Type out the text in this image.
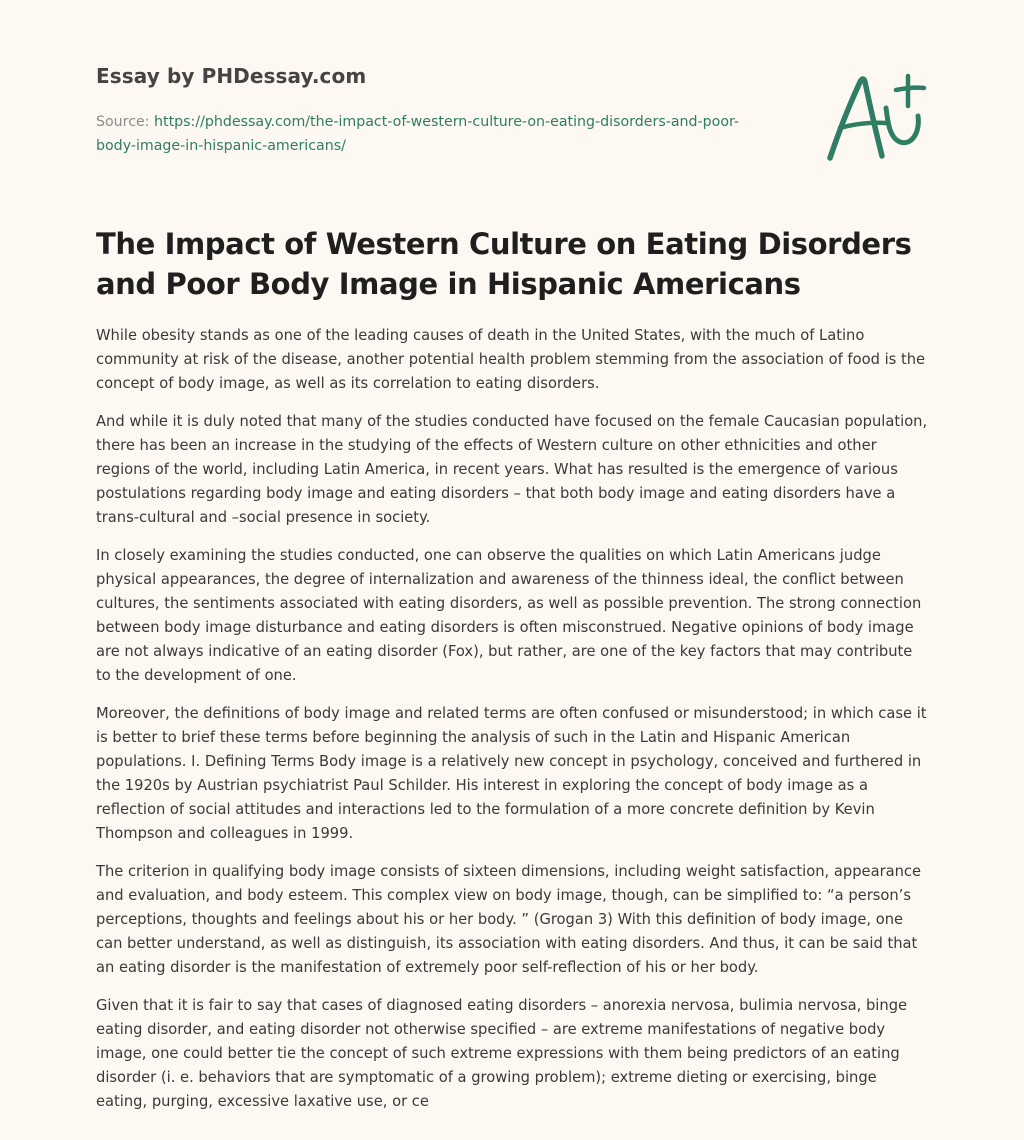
Essay by PHDessay.com
Source: https://phdessay.com/the-impact-of-western-culture-on-eating-disorders-and-poor-body-image-in-hispanic-americans/
The Impact of Western Culture on Eating Disorders and Poor Body Image in Hispanic Americans

While obesity stands as one of the leading causes of death in the United States, with the much of Latino community at risk of the disease, another potential health problem stemming from the association of food is the concept of body image, as well as its correlation to eating disorders.

And while it is duly noted that many of the studies conducted have focused on the female Caucasian population, there has been an increase in the studying of the effects of Western culture on other ethnicities and other regions of the world, including Latin America, in recent years. What has resulted is the emergence of various postulations regarding body image and eating disorders – that both body image and eating disorders have a trans-cultural and –social presence in society.

In closely examining the studies conducted, one can observe the qualities on which Latin Americans judge physical appearances, the degree of internalization and awareness of the thinness ideal, the conflict between cultures, the sentiments associated with eating disorders, as well as possible prevention. The strong connection between body image disturbance and eating disorders is often misconstrued. Negative opinions of body image are not always indicative of an eating disorder (Fox), but rather, are one of the key factors that may contribute to the development of one.

Moreover, the definitions of body image and related terms are often confused or misunderstood; in which case it is better to brief these terms before beginning the analysis of such in the Latin and Hispanic American populations. I. Defining Terms Body image is a relatively new concept in psychology, conceived and furthered in the 1920s by Austrian psychiatrist Paul Schilder. His interest in exploring the concept of body image as a reflection of social attitudes and interactions led to the formulation of a more concrete definition by Kevin Thompson and colleagues in 1999.

The criterion in qualifying body image consists of sixteen dimensions, including weight satisfaction, appearance and evaluation, and body esteem. This complex view on body image, though, can be simplified to: “a person’s perceptions, thoughts and feelings about his or her body. ” (Grogan 3) With this definition of body image, one can better understand, as well as distinguish, its association with eating disorders. And thus, it can be said that an eating disorder is the manifestation of extremely poor self-reflection of his or her body.

Given that it is fair to say that cases of diagnosed eating disorders – anorexia nervosa, bulimia nervosa, binge eating disorder, and eating disorder not otherwise specified – are extreme manifestations of negative body image, one could better tie the concept of such extreme expressions with them being predictors of an eating disorder (i. e. behaviors that are symptomatic of a growing problem); extreme dieting or exercising, binge eating, purging, excessive laxative use, or ce
